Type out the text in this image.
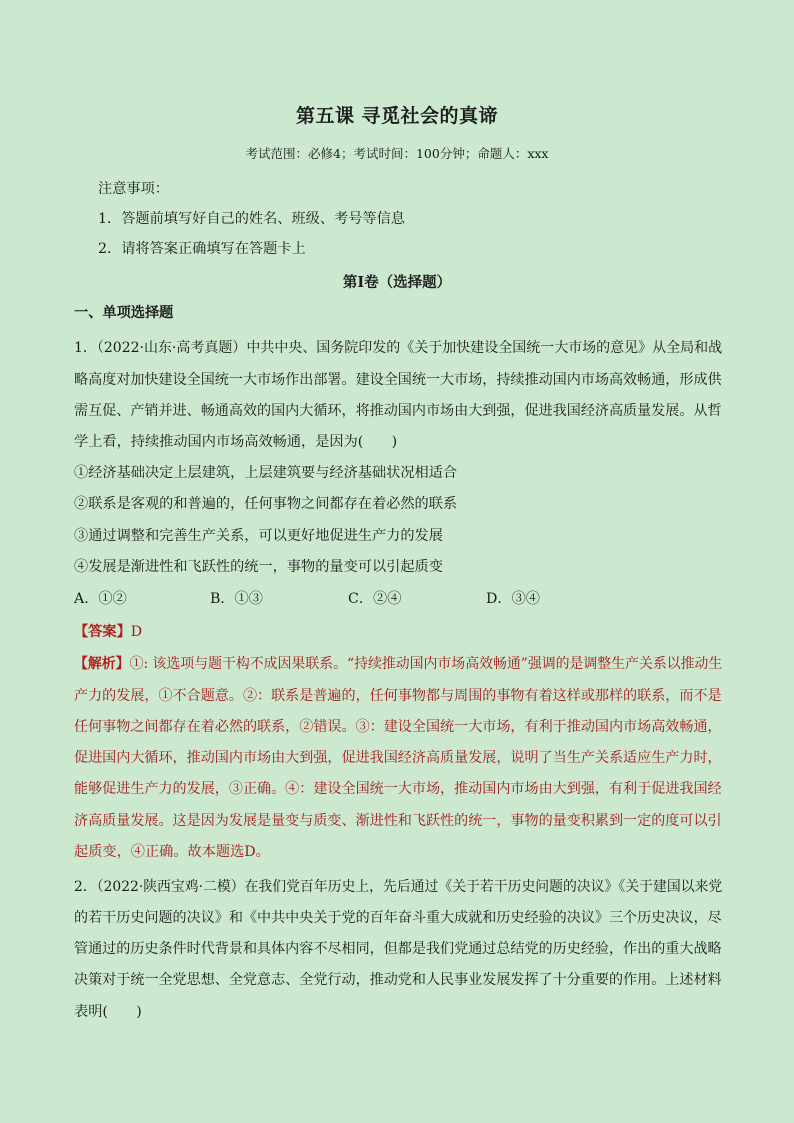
第五课 寻觅社会的真谛
考试范围：必修4；考试时间：100分钟；命题人：xxx
注意事项：
1．答题前填写好自己的姓名、班级、考号等信息
2．请将答案正确填写在答题卡上
第I卷（选择题）
一、单项选择题
1．（2022·山东·高考真题）中共中央、国务院印发的《关于加快建设全国统一大市场的意见》从全局和战
略高度对加快建设全国统一大市场作出部署。建设全国统一大市场，持续推动国内市场高效畅通，形成供
需互促、产销并进、畅通高效的国内大循环，将推动国内市场由大到强，促进我国经济高质量发展。从哲
学上看，持续推动国内市场高效畅通，是因为(　　)
①经济基础决定上层建筑，上层建筑要与经济基础状况相适合
②联系是客观的和普遍的，任何事物之间都存在着必然的联系
③通过调整和完善生产关系，可以更好地促进生产力的发展
④发展是渐进性和飞跃性的统一，事物的量变可以引起质变
A．①②	B．①③	C．②④	D．③④
【答案】D
【解析】①: 该选项与题干构不成因果联系。“持续推动国内市场高效畅通”强调的是调整生产关系以推动生
产力的发展，①不合题意。②：联系是普遍的，任何事物都与周围的事物有着这样或那样的联系，而不是
任何事物之间都存在着必然的联系，②错误。③：建设全国统一大市场，有利于推动国内市场高效畅通，
促进国内大循环，推动国内市场由大到强，促进我国经济高质量发展，说明了当生产关系适应生产力时，
能够促进生产力的发展，③正确。④：建设全国统一大市场，推动国内市场由大到强，有利于促进我国经
济高质量发展。这是因为发展是量变与质变、渐进性和飞跃性的统一，事物的量变积累到一定的度可以引
起质变，④正确。故本题选D。
2．（2022·陕西宝鸡·二模）在我们党百年历史上，先后通过《关于若干历史问题的决议》《关于建国以来党
的若干历史问题的决议》和《中共中央关于党的百年奋斗重大成就和历史经验的决议》三个历史决议，尽
管通过的历史条件时代背景和具体内容不尽相同，但都是我们党通过总结党的历史经验，作出的重大战略
决策对于统一全党思想、全党意志、全党行动，推动党和人民事业发展发挥了十分重要的作用。上述材料
表明(　　)
